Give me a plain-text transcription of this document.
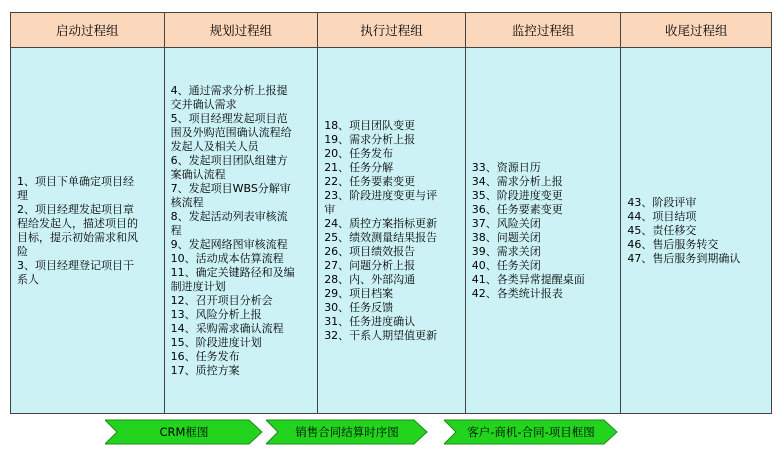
启动过程组
1、项目下单确定项目经
理
2、项目经理发起项目章
程给发起人，描述项目的
目标，提示初始需求和风
险
3、项目经理登记项目干
系人
规划过程组
4、通过需求分析上报提
交并确认需求
5、项目经理发起项目范
围及外购范围确认流程给
发起人及相关人员
6、发起项目团队组建方
案确认流程
7、发起项目WBS分解审
核流程
8、发起活动列表审核流
程
9、发起网络图审核流程
10、活动成本估算流程
11、确定关键路径和及编
制进度计划
12、召开项目分析会
13、风险分析上报
14、采购需求确认流程
15、阶段进度计划
16、任务发布
17、质控方案
执行过程组
18、项目团队变更
19、需求分析上报
20、任务发布
21、任务分解
22、任务要素变更
23、阶段进度变更与评
审
24、质控方案指标更新
25、绩效测量结果报告
26、项目绩效报告
27、问题分析上报
28、内、外部沟通
29、项目档案
30、任务反馈
31、任务进度确认
32、干系人期望值更新
监控过程组
33、资源日历
34、需求分析上报
35、阶段进度变更
36、任务要素变更
37、风险关闭
38、问题关闭
39、需求关闭
40、任务关闭
41、各类异常提醒桌面
42、各类统计报表
收尾过程组
43、阶段评审
44、项目结项
45、责任移交
46、售后服务转交
47、售后服务到期确认
CRM框图	销售合同结算时序图	客户-商机-合同-项目框图
